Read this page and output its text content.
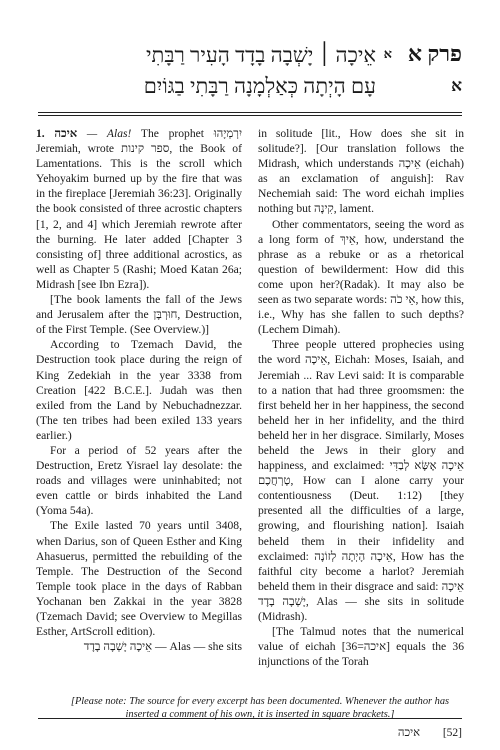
פרק א
א
א
אֵיכָה ׀ יָשְׁבָה בָדָד הָעִיר רַבָּתִי
עָם הָיְתָה כְּאַלְמָנָה רַבָּתִי בַגּוֹיִם

1. איכה — Alas! The prophet יִרְמְיָהוּ Jeremiah, wrote ספר קינות, the Book of Lamentations. This is the scroll which Yehoyakim burned up by the fire that was in the fireplace [Jeremiah 36:23]. Originally the book consisted of three acrostic chapters [1, 2, and 4] which Jeremiah rewrote after the burning. He later added [Chapter 3 consisting of] three additional acrostics, as well as Chapter 5 (Rashi; Moed Katan 26a; Midrash [see Ibn Ezra]).

[The book laments the fall of the Jews and Jerusalem after the חוּרְבָּן, Destruction, of the First Temple. (See Overview.)]

According to Tzemach David, the Destruction took place during the reign of King Zedekiah in the year 3338 from Creation [422 B.C.E.]. Judah was then exiled from the Land by Nebuchadnezzar. (The ten tribes had been exiled 133 years earlier.)

For a period of 52 years after the Destruction, Eretz Yisrael lay desolate: the roads and villages were uninhabited; not even cattle or birds inhabited the Land (Yoma 54a).

The Exile lasted 70 years until 3408, when Darius, son of Queen Esther and King Ahasuerus, permitted the rebuilding of the Temple. The Destruction of the Second Temple took place in the days of Rabban Yochanan ben Zakkai in the year 3828 (Tzemach David; see Overview to Megillas Esther, ArtScroll edition).

אֵיכָה יָשְׁבָה בָדָד — Alas — she sits

in solitude [lit., How does she sit in solitude?]. [Our translation follows the Midrash, which understands אֵיכָה (eichah) as an exclamation of anguish]: Rav Nechemiah said: The word eichah implies nothing but קִינָה, lament.

Other commentators, seeing the word as a long form of אֵיךְ, how, understand the phrase as a rebuke or as a rhetorical question of bewilderment: How did this come upon her?(Radak). It may also be seen as two separate words: אֵי כֹה, how this, i.e., Why has she fallen to such depths? (Lechem Dimah).

Three people uttered prophecies using the word אֵיכָה, Eichah: Moses, Isaiah, and Jeremiah ... Rav Levi said: It is comparable to a nation that had three groomsmen: the first beheld her in her happiness, the second beheld her in her infidelity, and the third beheld her in her disgrace. Similarly, Moses beheld the Jews in their glory and happiness, and exclaimed: אֵיכָה אֶשָּׂא לְבַדִּי טָרְחֲכֶם, How can I alone carry your contentiousness (Deut. 1:12) [they presented all the difficulties of a large, growing, and flourishing nation]. Isaiah beheld them in their infidelity and exclaimed: אֵיכָה הָיְתָה לְזוֹנָה, How has the faithful city become a harlot? Jeremiah beheld them in their disgrace and said: אֵיכָה יָשְׁבָה בָדָד, Alas — she sits in solitude (Midrash).

[The Talmud notes that the numerical value of eichah [איכה=36] equals the 36 injunctions of the Torah

[Please note: The source for every excerpt has been documented. Whenever the author has inserted a comment of his own, it is inserted in square brackets.]
איכה [52]
